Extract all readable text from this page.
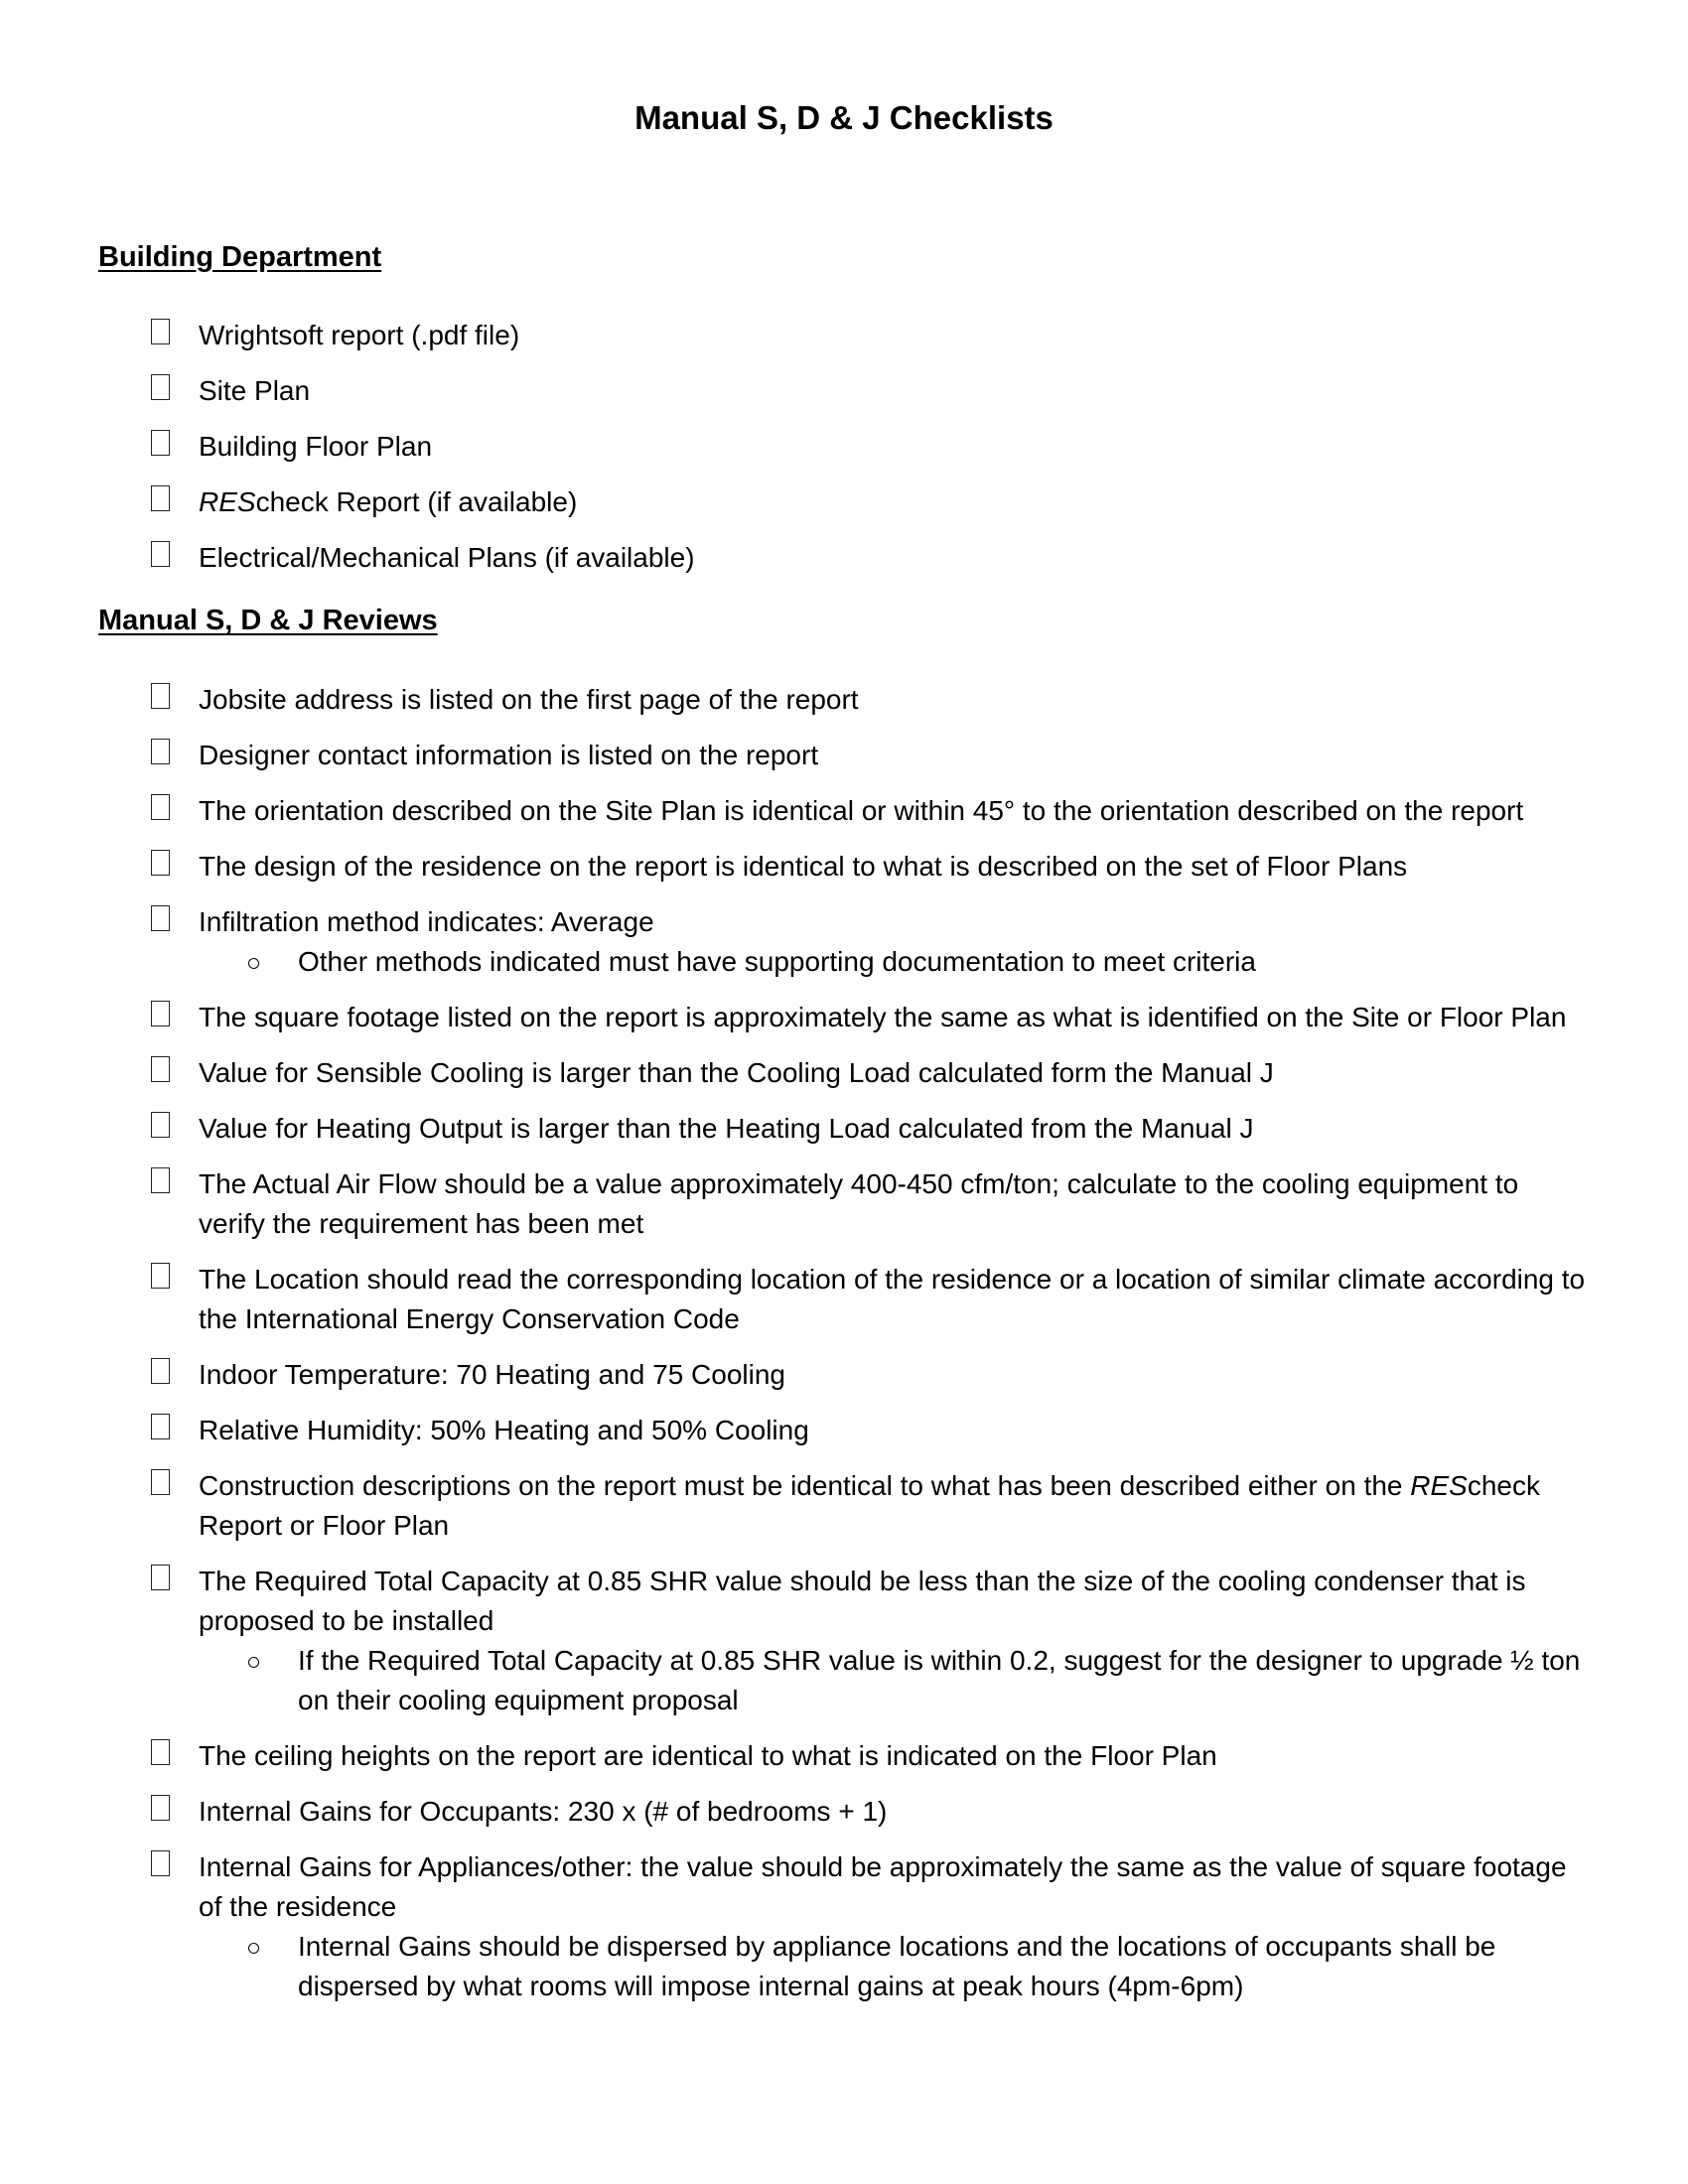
Manual S, D & J Checklists
Building Department
Wrightsoft report (.pdf file)
Site Plan
Building Floor Plan
REScheck Report (if available)
Electrical/Mechanical Plans (if available)
Manual S, D & J Reviews
Jobsite address is listed on the first page of the report
Designer contact information is listed on the report
The orientation described on the Site Plan is identical or within 45° to the orientation described on the report
The design of the residence on the report is identical to what is described on the set of Floor Plans
Infiltration method indicates: Average
Other methods indicated must have supporting documentation to meet criteria
The square footage listed on the report is approximately the same as what is identified on the Site or Floor Plan
Value for Sensible Cooling is larger than the Cooling Load calculated form the Manual J
Value for Heating Output is larger than the Heating Load calculated from the Manual J
The Actual Air Flow should be a value approximately 400-450 cfm/ton; calculate to the cooling equipment to verify the requirement has been met
The Location should read the corresponding location of the residence or a location of similar climate according to the International Energy Conservation Code
Indoor Temperature: 70 Heating and 75 Cooling
Relative Humidity: 50% Heating and 50% Cooling
Construction descriptions on the report must be identical to what has been described either on the REScheck Report or Floor Plan
The Required Total Capacity at 0.85 SHR value should be less than the size of the cooling condenser that is proposed to be installed
If the Required Total Capacity at 0.85 SHR value is within 0.2, suggest for the designer to upgrade ½ ton on their cooling equipment proposal
The ceiling heights on the report are identical to what is indicated on the Floor Plan
Internal Gains for Occupants: 230 x (# of bedrooms + 1)
Internal Gains for Appliances/other: the value should be approximately the same as the value of square footage of the residence
Internal Gains should be dispersed by appliance locations and the locations of occupants shall be dispersed by what rooms will impose internal gains at peak hours (4pm-6pm)
